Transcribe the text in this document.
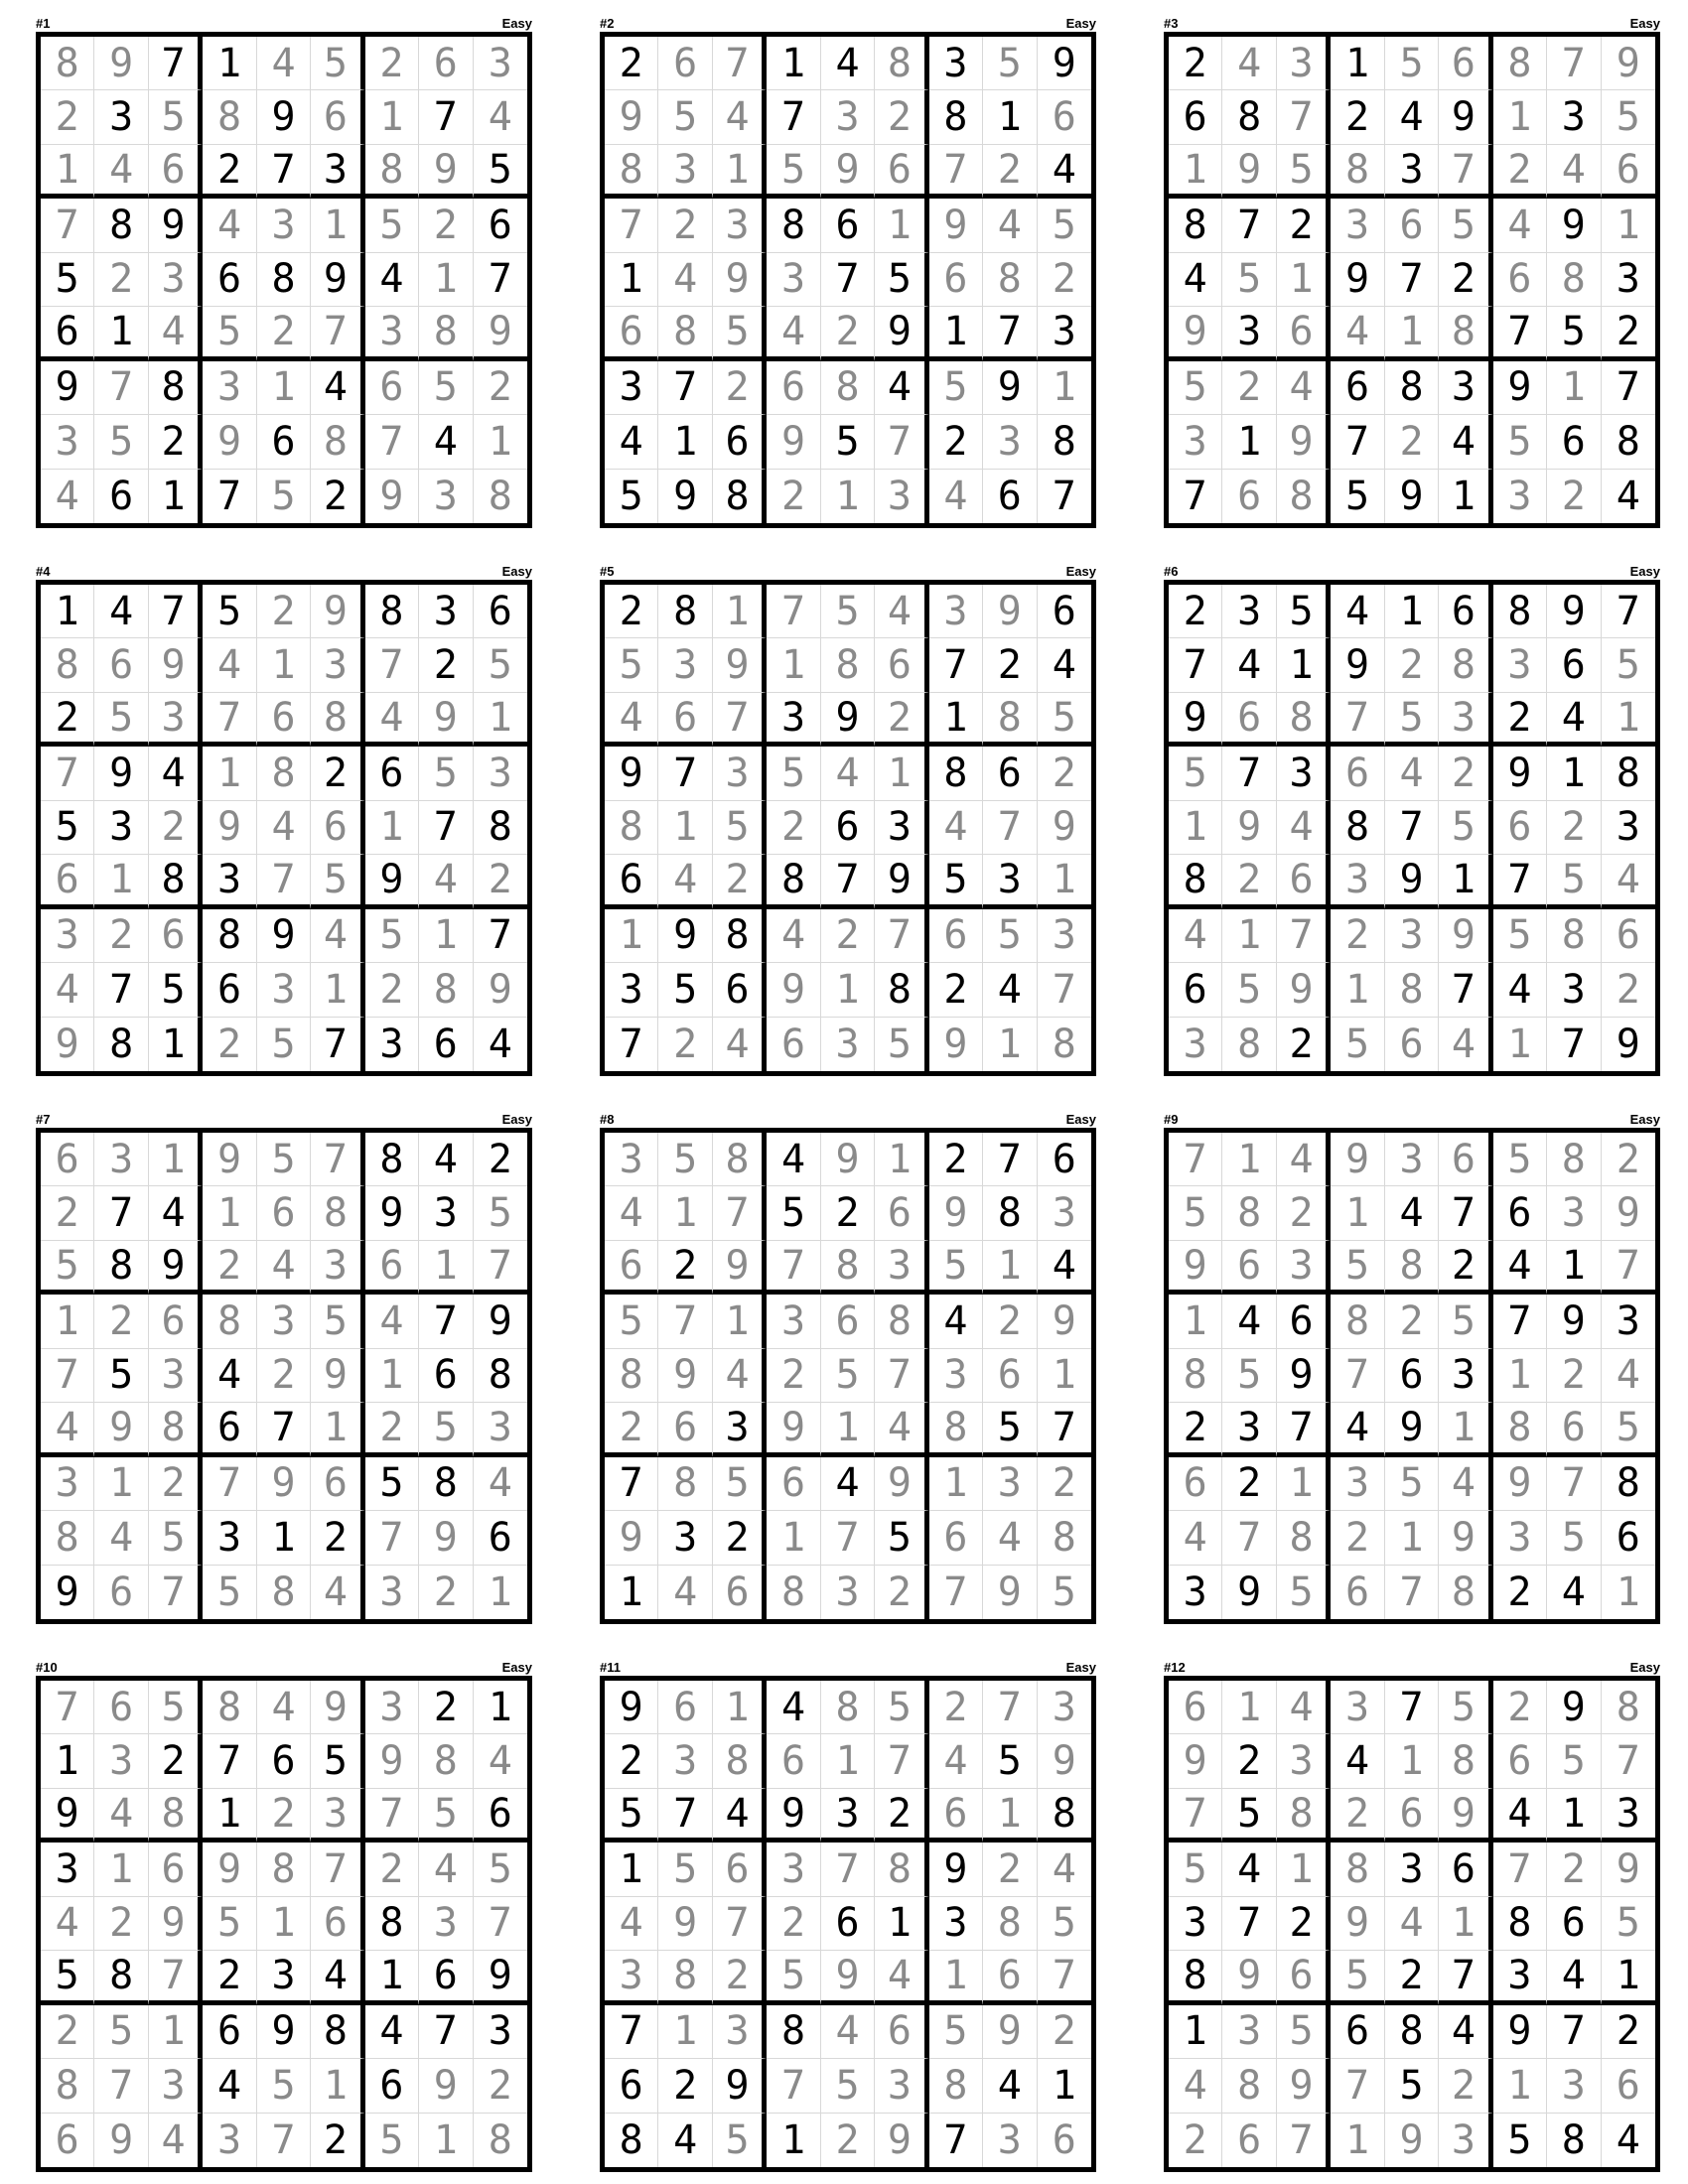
#1	Easy
8 9 7 1 4 5 2 6 3
2 3 5 8 9 6 1 7 4
1 4 6 2 7 3 8 9 5
7 8 9 4 3 1 5 2 6
5 2 3 6 8 9 4 1 7
6 1 4 5 2 7 3 8 9
9 7 8 3 1 4 6 5 2
3 5 2 9 6 8 7 4 1
4 6 1 7 5 2 9 3 8
#2	Easy
2 6 7 1 4 8 3 5 9
9 5 4 7 3 2 8 1 6
8 3 1 5 9 6 7 2 4
7 2 3 8 6 1 9 4 5
1 4 9 3 7 5 6 8 2
6 8 5 4 2 9 1 7 3
3 7 2 6 8 4 5 9 1
4 1 6 9 5 7 2 3 8
5 9 8 2 1 3 4 6 7
#3	Easy
2 4 3 1 5 6 8 7 9
6 8 7 2 4 9 1 3 5
1 9 5 8 3 7 2 4 6
8 7 2 3 6 5 4 9 1
4 5 1 9 7 2 6 8 3
9 3 6 4 1 8 7 5 2
5 2 4 6 8 3 9 1 7
3 1 9 7 2 4 5 6 8
7 6 8 5 9 1 3 2 4
#4	Easy
1 4 7 5 2 9 8 3 6
8 6 9 4 1 3 7 2 5
2 5 3 7 6 8 4 9 1
7 9 4 1 8 2 6 5 3
5 3 2 9 4 6 1 7 8
6 1 8 3 7 5 9 4 2
3 2 6 8 9 4 5 1 7
4 7 5 6 3 1 2 8 9
9 8 1 2 5 7 3 6 4
#5	Easy
2 8 1 7 5 4 3 9 6
5 3 9 1 8 6 7 2 4
4 6 7 3 9 2 1 8 5
9 7 3 5 4 1 8 6 2
8 1 5 2 6 3 4 7 9
6 4 2 8 7 9 5 3 1
1 9 8 4 2 7 6 5 3
3 5 6 9 1 8 2 4 7
7 2 4 6 3 5 9 1 8
#6	Easy
2 3 5 4 1 6 8 9 7
7 4 1 9 2 8 3 6 5
9 6 8 7 5 3 2 4 1
5 7 3 6 4 2 9 1 8
1 9 4 8 7 5 6 2 3
8 2 6 3 9 1 7 5 4
4 1 7 2 3 9 5 8 6
6 5 9 1 8 7 4 3 2
3 8 2 5 6 4 1 7 9
#7	Easy
6 3 1 9 5 7 8 4 2
2 7 4 1 6 8 9 3 5
5 8 9 2 4 3 6 1 7
1 2 6 8 3 5 4 7 9
7 5 3 4 2 9 1 6 8
4 9 8 6 7 1 2 5 3
3 1 2 7 9 6 5 8 4
8 4 5 3 1 2 7 9 6
9 6 7 5 8 4 3 2 1
#8	Easy
3 5 8 4 9 1 2 7 6
4 1 7 5 2 6 9 8 3
6 2 9 7 8 3 5 1 4
5 7 1 3 6 8 4 2 9
8 9 4 2 5 7 3 6 1
2 6 3 9 1 4 8 5 7
7 8 5 6 4 9 1 3 2
9 3 2 1 7 5 6 4 8
1 4 6 8 3 2 7 9 5
#9	Easy
7 1 4 9 3 6 5 8 2
5 8 2 1 4 7 6 3 9
9 6 3 5 8 2 4 1 7
1 4 6 8 2 5 7 9 3
8 5 9 7 6 3 1 2 4
2 3 7 4 9 1 8 6 5
6 2 1 3 5 4 9 7 8
4 7 8 2 1 9 3 5 6
3 9 5 6 7 8 2 4 1
#10	Easy
7 6 5 8 4 9 3 2 1
1 3 2 7 6 5 9 8 4
9 4 8 1 2 3 7 5 6
3 1 6 9 8 7 2 4 5
4 2 9 5 1 6 8 3 7
5 8 7 2 3 4 1 6 9
2 5 1 6 9 8 4 7 3
8 7 3 4 5 1 6 9 2
6 9 4 3 7 2 5 1 8
#11	Easy
9 6 1 4 8 5 2 7 3
2 3 8 6 1 7 4 5 9
5 7 4 9 3 2 6 1 8
1 5 6 3 7 8 9 2 4
4 9 7 2 6 1 3 8 5
3 8 2 5 9 4 1 6 7
7 1 3 8 4 6 5 9 2
6 2 9 7 5 3 8 4 1
8 4 5 1 2 9 7 3 6
#12	Easy
6 1 4 3 7 5 2 9 8
9 2 3 4 1 8 6 5 7
7 5 8 2 6 9 4 1 3
5 4 1 8 3 6 7 2 9
3 7 2 9 4 1 8 6 5
8 9 6 5 2 7 3 4 1
1 3 5 6 8 4 9 7 2
4 8 9 7 5 2 1 3 6
2 6 7 1 9 3 5 8 4
